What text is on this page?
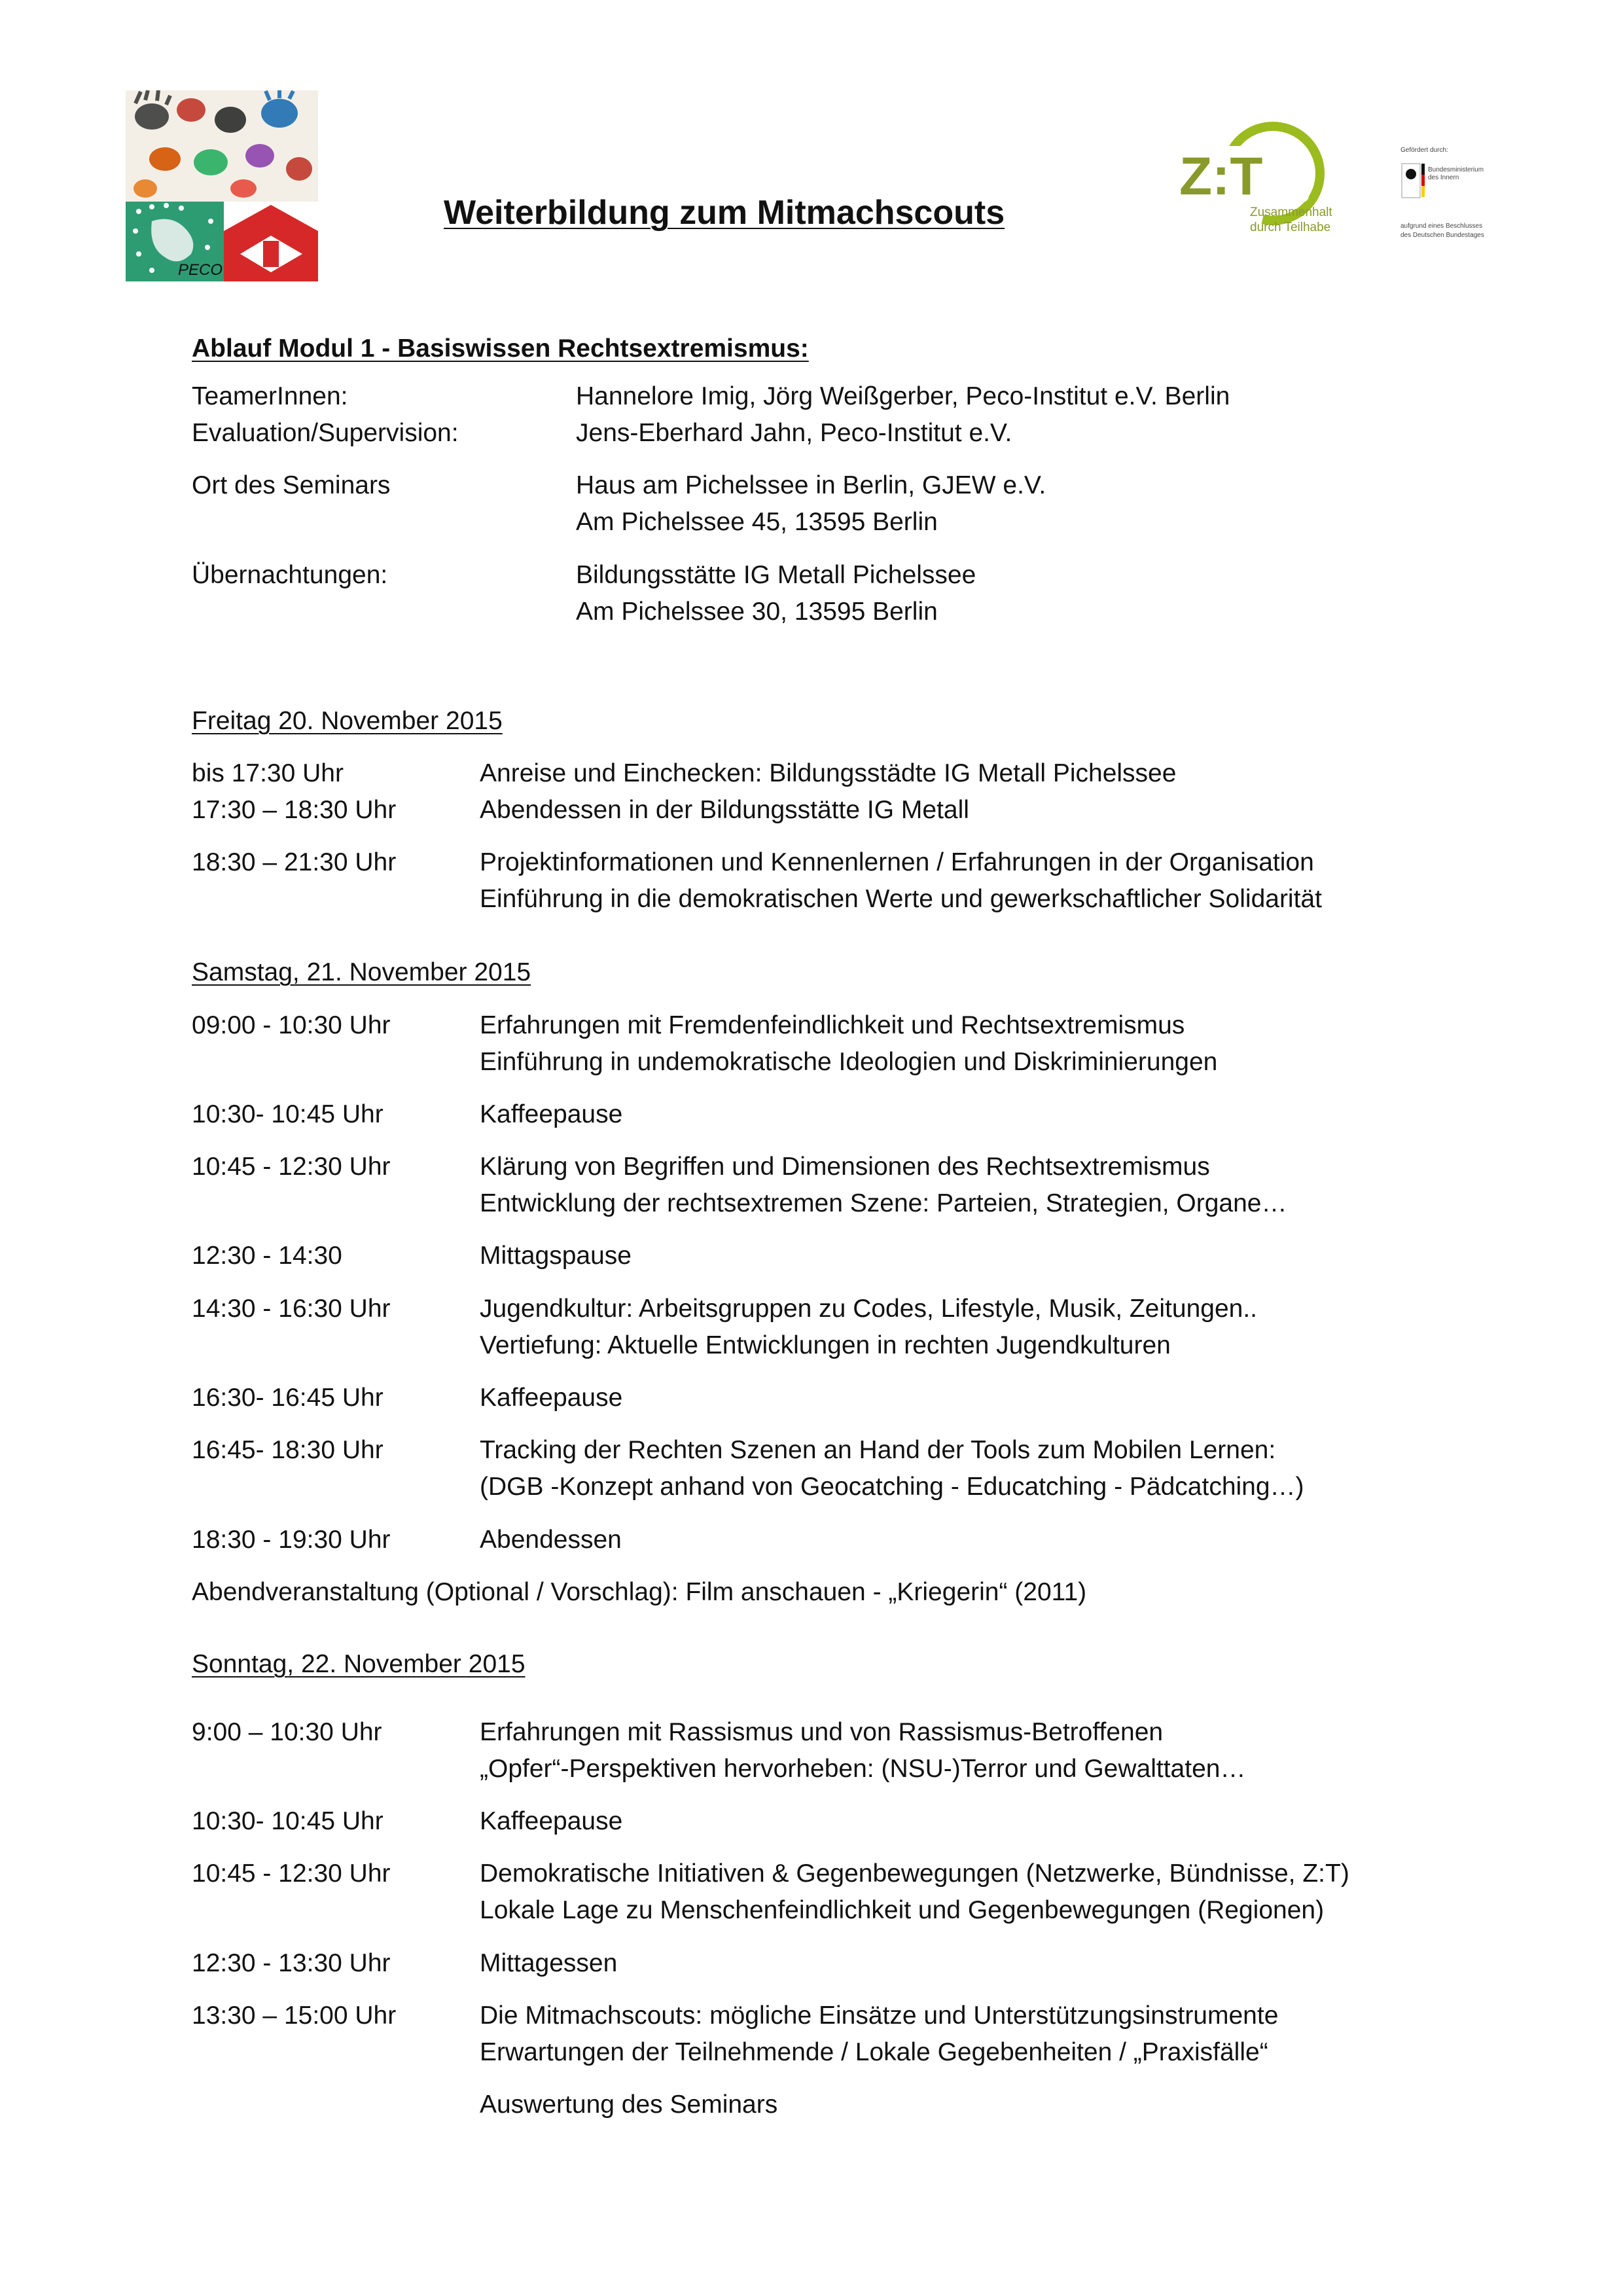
PECO
Z:T
Zusammenhalt
durch Teilhabe
Gefördert durch:
Bundesministerium
des Innern
aufgrund eines Beschlusses
des Deutschen Bundestages
Weiterbildung zum Mitmachscouts
Ablauf Modul 1 - Basiswissen Rechtsextremismus:
TeamerInnen:	Hannelore Imig, Jörg Weißgerber, Peco-Institut e.V. Berlin
Evaluation/Supervision:	Jens-Eberhard Jahn, Peco-Institut e.V.
Ort des Seminars	Haus am Pichelssee in Berlin, GJEW e.V.
Am Pichelssee 45, 13595 Berlin
Übernachtungen:	Bildungsstätte IG Metall Pichelssee
Am Pichelssee 30, 13595 Berlin
Freitag 20. November 2015
bis 17:30 Uhr	Anreise und Einchecken: Bildungsstädte IG Metall Pichelssee
17:30 – 18:30 Uhr	Abendessen in der Bildungsstätte IG Metall
18:30 – 21:30 Uhr	Projektinformationen und Kennenlernen / Erfahrungen in der Organisation
Einführung in die demokratischen Werte und gewerkschaftlicher Solidarität
Samstag, 21. November 2015
09:00 - 10:30 Uhr	Erfahrungen mit Fremdenfeindlichkeit und Rechtsextremismus
Einführung in undemokratische Ideologien und Diskriminierungen
10:30- 10:45 Uhr	Kaffeepause
10:45 - 12:30 Uhr	Klärung von Begriffen und Dimensionen des Rechtsextremismus
Entwicklung der rechtsextremen Szene: Parteien, Strategien, Organe…
12:30 - 14:30	Mittagspause
14:30 - 16:30 Uhr	Jugendkultur: Arbeitsgruppen zu Codes, Lifestyle, Musik, Zeitungen..
Vertiefung: Aktuelle Entwicklungen in rechten Jugendkulturen
16:30- 16:45 Uhr	Kaffeepause
16:45- 18:30 Uhr	Tracking der Rechten Szenen an Hand der Tools zum Mobilen Lernen:
(DGB -Konzept anhand von Geocatching - Educatching - Pädcatching…)
18:30 - 19:30 Uhr	Abendessen
Abendveranstaltung (Optional / Vorschlag): Film anschauen - „Kriegerin“ (2011)
Sonntag, 22. November 2015
9:00 – 10:30 Uhr	Erfahrungen mit Rassismus und von Rassismus-Betroffenen
„Opfer“-Perspektiven hervorheben: (NSU-)Terror und Gewalttaten…
10:30- 10:45 Uhr	Kaffeepause
10:45 - 12:30 Uhr	Demokratische Initiativen & Gegenbewegungen (Netzwerke, Bündnisse, Z:T)
Lokale Lage zu Menschenfeindlichkeit und Gegenbewegungen (Regionen)
12:30 - 13:30 Uhr	Mittagessen
13:30 – 15:00 Uhr	Die Mitmachscouts: mögliche Einsätze und Unterstützungsinstrumente
Erwartungen der Teilnehmende / Lokale Gegebenheiten / „Praxisfälle“
Auswertung des Seminars
